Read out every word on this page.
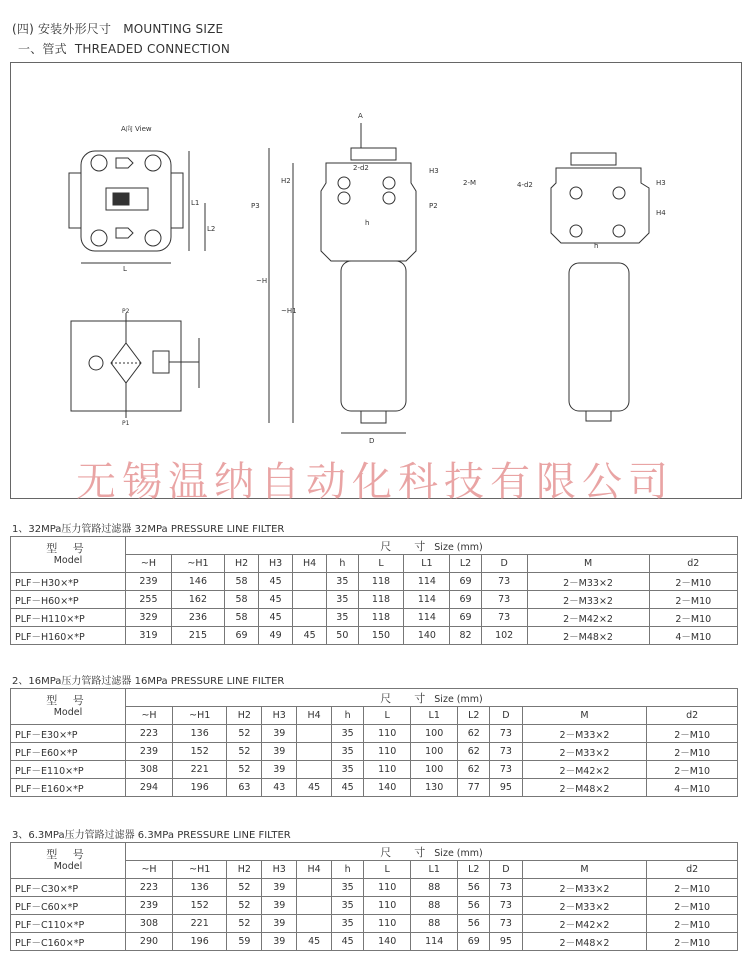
(四) 安装外形尺寸 MOUNTING SIZE
一、管式 THREADED CONNECTION
A向 View
L
L1
L2
P2
P1
A
~H
~H1
H2
P3
H3
2-M
P2
2-d2
h
D
4-d2	H3
H4
h
无锡温纳自动化科技有限公司
1、32MPa压力管路过滤器 32MPa PRESSURE LINE FILTER
型 号
Model	尺　寸 Size (mm)											
	~H	~H1	H2	H3	H4	h	L	L1	L2	D	M	d2
PLF－H30×*P	239	146	58	45		35	118	114	69	73	2－M33×2	2－M10
PLF－H60×*P	255	162	58	45		35	118	114	69	73	2－M33×2	2－M10
PLF－H110×*P	329	236	58	45		35	118	114	69	73	2－M42×2	2－M10
PLF－H160×*P	319	215	69	49	45	50	150	140	82	102	2－M48×2	4－M10
2、16MPa压力管路过滤器 16MPa PRESSURE LINE FILTER
型 号
Model	尺　寸 Size (mm)											
	~H	~H1	H2	H3	H4	h	L	L1	L2	D	M	d2
PLF－E30×*P	223	136	52	39		35	110	100	62	73	2－M33×2	2－M10
PLF－E60×*P	239	152	52	39		35	110	100	62	73	2－M33×2	2－M10
PLF－E110×*P	308	221	52	39		35	110	100	62	73	2－M42×2	2－M10
PLF－E160×*P	294	196	63	43	45	45	140	130	77	95	2－M48×2	4－M10
3、6.3MPa压力管路过滤器 6.3MPa PRESSURE LINE FILTER
型 号
Model	尺　寸 Size (mm)											
	~H	~H1	H2	H3	H4	h	L	L1	L2	D	M	d2
PLF－C30×*P	223	136	52	39		35	110	88	56	73	2－M33×2	2－M10
PLF－C60×*P	239	152	52	39		35	110	88	56	73	2－M33×2	2－M10
PLF－C110×*P	308	221	52	39		35	110	88	56	73	2－M42×2	2－M10
PLF－C160×*P	290	196	59	39	45	45	140	114	69	95	2－M48×2	2－M10
